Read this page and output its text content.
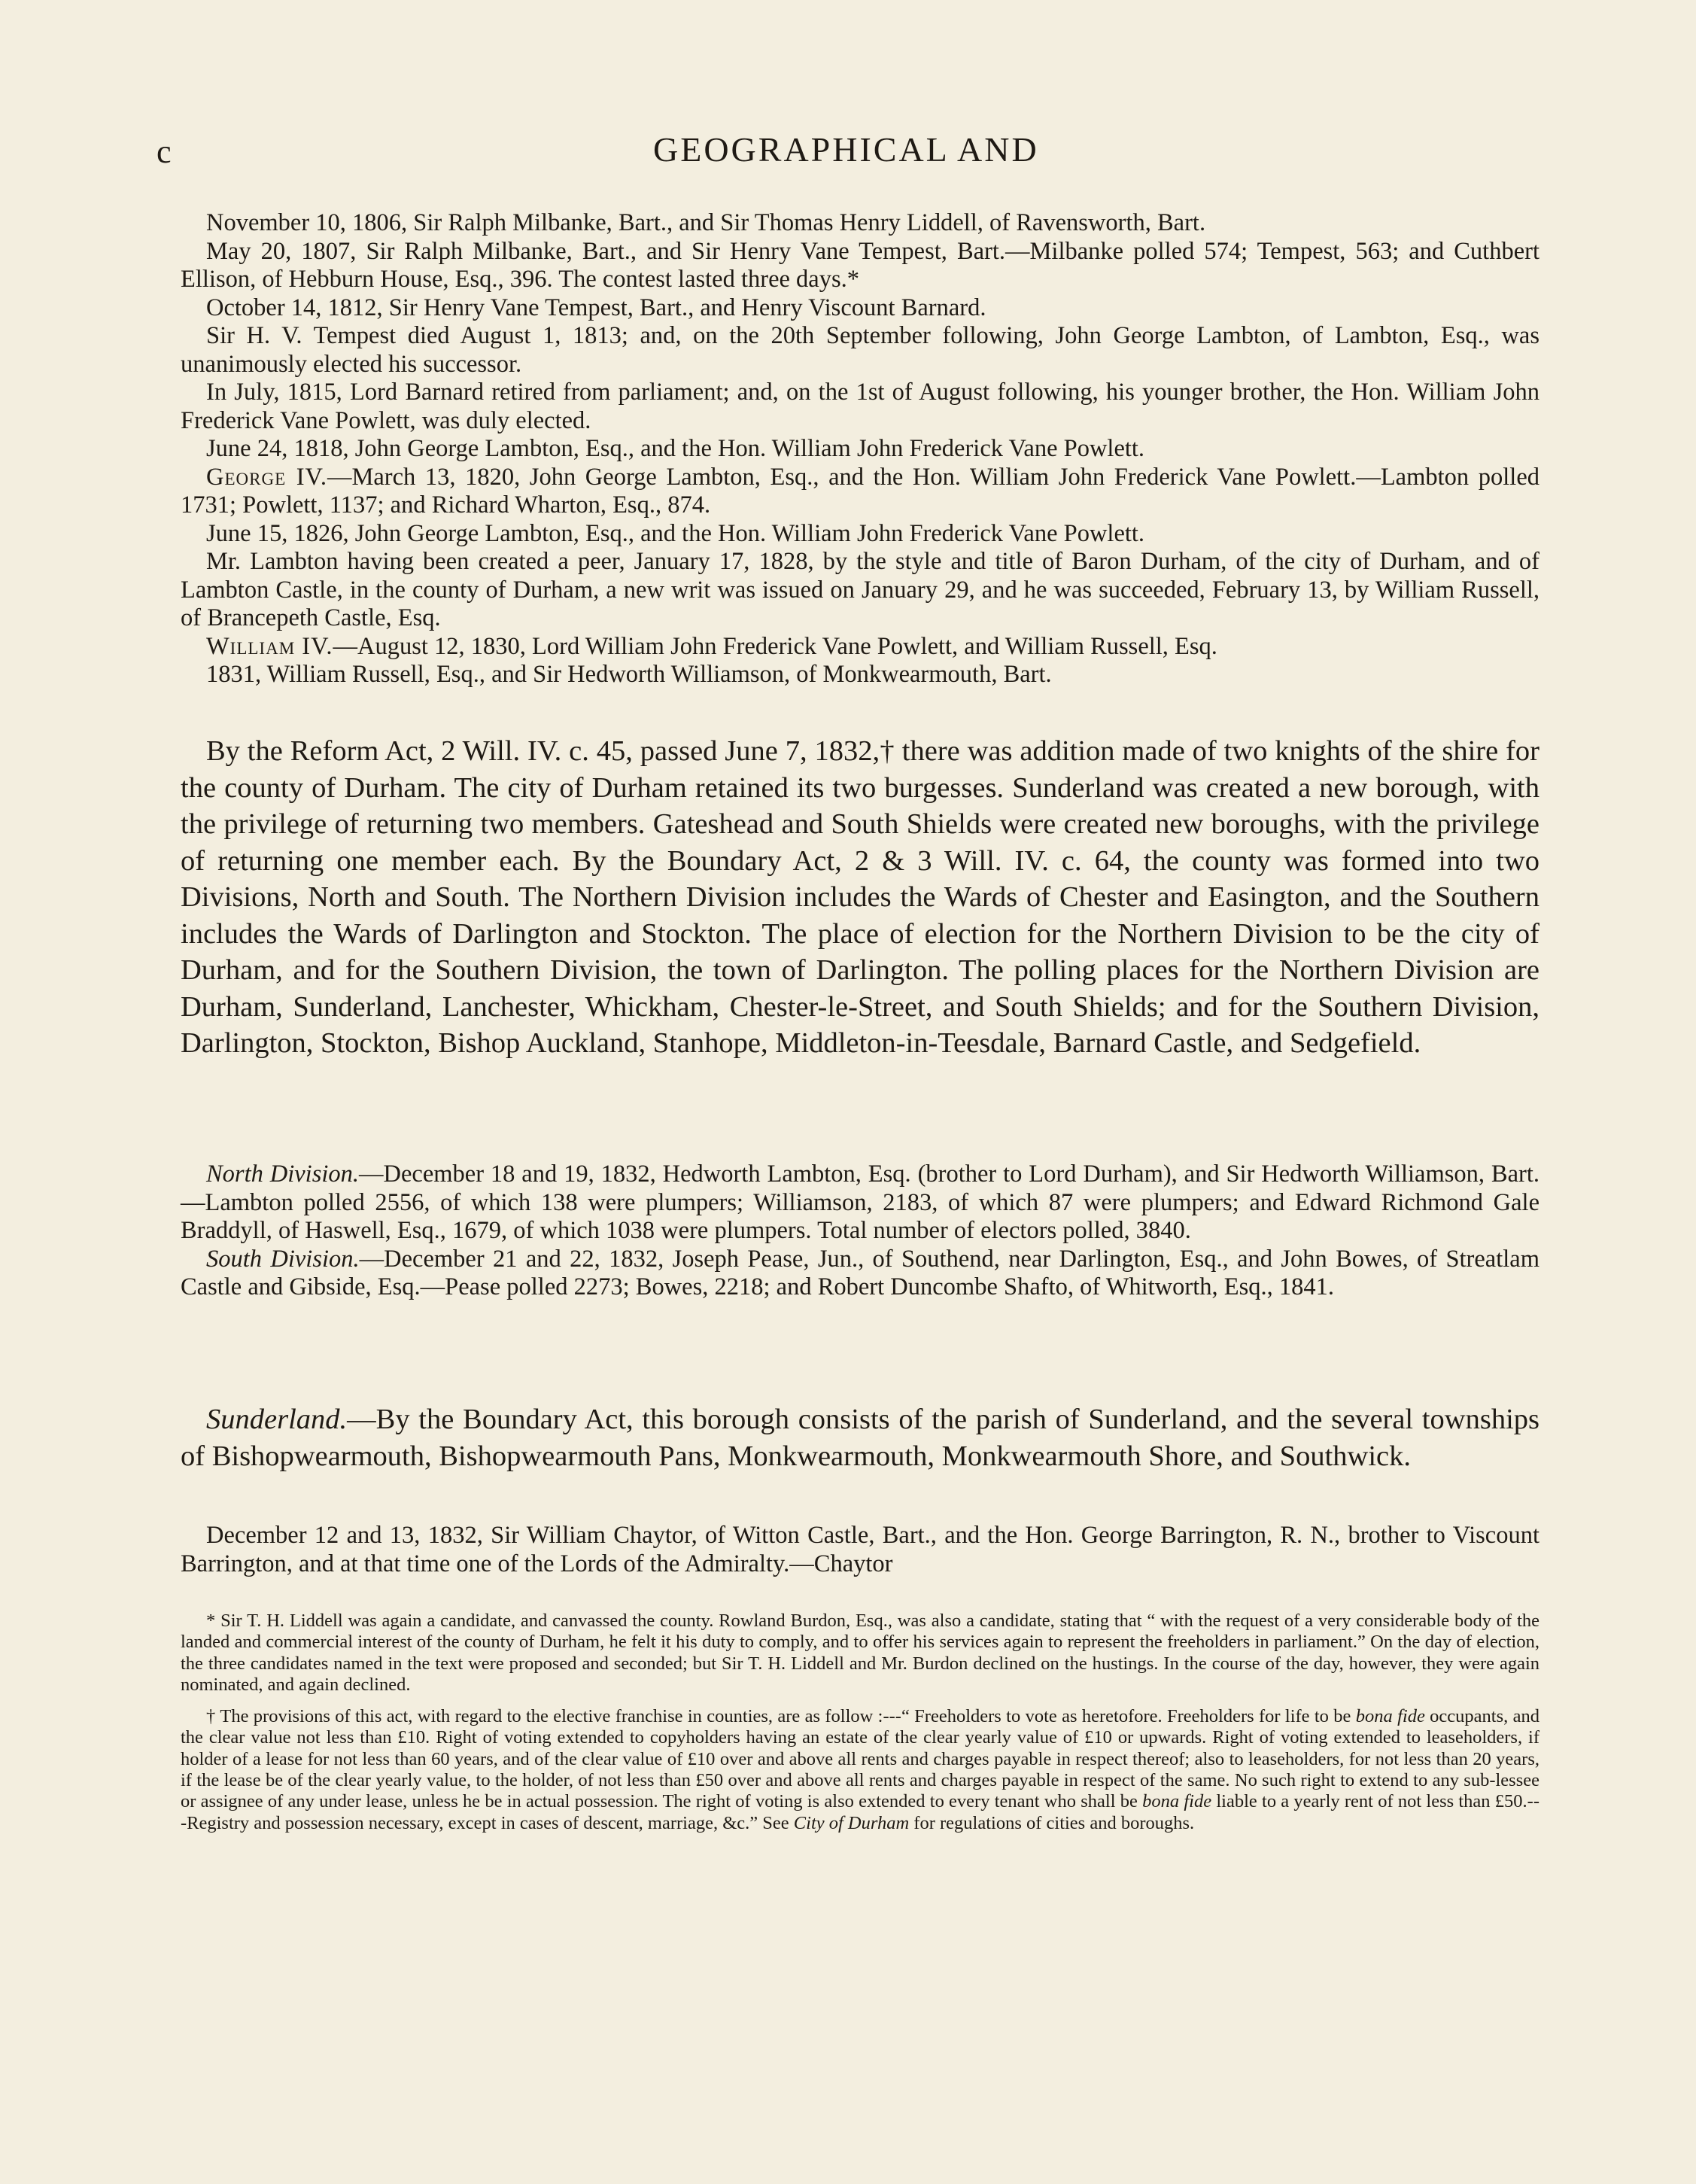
c	GEOGRAPHICAL AND

November 10, 1806, Sir Ralph Milbanke, Bart., and Sir Thomas Henry Liddell, of Ravensworth, Bart.

May 20, 1807, Sir Ralph Milbanke, Bart., and Sir Henry Vane Tempest, Bart.—Milbanke polled 574; Tempest, 563; and Cuthbert Ellison, of Hebburn House, Esq., 396. The contest lasted three days.*

October 14, 1812, Sir Henry Vane Tempest, Bart., and Henry Viscount Barnard.

Sir H. V. Tempest died August 1, 1813; and, on the 20th September following, John George Lambton, of Lambton, Esq., was unanimously elected his successor.

In July, 1815, Lord Barnard retired from parliament; and, on the 1st of August following, his younger brother, the Hon. William John Frederick Vane Powlett, was duly elected.

June 24, 1818, John George Lambton, Esq., and the Hon. William John Frederick Vane Powlett.

George IV.—March 13, 1820, John George Lambton, Esq., and the Hon. William John Frederick Vane Powlett.—Lambton polled 1731; Powlett, 1137; and Richard Wharton, Esq., 874.

June 15, 1826, John George Lambton, Esq., and the Hon. William John Frederick Vane Powlett.

Mr. Lambton having been created a peer, January 17, 1828, by the style and title of Baron Durham, of the city of Durham, and of Lambton Castle, in the county of Durham, a new writ was issued on January 29, and he was succeeded, February 13, by William Russell, of Brancepeth Castle, Esq.

William IV.—August 12, 1830, Lord William John Frederick Vane Powlett, and William Russell, Esq.

1831, William Russell, Esq., and Sir Hedworth Williamson, of Monkwearmouth, Bart.

By the Reform Act, 2 Will. IV. c. 45, passed June 7, 1832,† there was addition made of two knights of the shire for the county of Durham. The city of Durham retained its two burgesses. Sunderland was created a new borough, with the privilege of returning two members. Gateshead and South Shields were created new boroughs, with the privilege of returning one member each. By the Boundary Act, 2 & 3 Will. IV. c. 64, the county was formed into two Divisions, North and South. The Northern Division includes the Wards of Chester and Easington, and the Southern includes the Wards of Darlington and Stockton. The place of election for the Northern Division to be the city of Durham, and for the Southern Division, the town of Darlington. The polling places for the Northern Division are Durham, Sunderland, Lanchester, Whickham, Chester-le-Street, and South Shields; and for the Southern Division, Darlington, Stockton, Bishop Auckland, Stanhope, Middleton-in-Teesdale, Barnard Castle, and Sedgefield.

North Division.—December 18 and 19, 1832, Hedworth Lambton, Esq. (brother to Lord Durham), and Sir Hedworth Williamson, Bart.—Lambton polled 2556, of which 138 were plumpers; Williamson, 2183, of which 87 were plumpers; and Edward Richmond Gale Braddyll, of Haswell, Esq., 1679, of which 1038 were plumpers. Total number of electors polled, 3840.

South Division.—December 21 and 22, 1832, Joseph Pease, Jun., of Southend, near Darlington, Esq., and John Bowes, of Streatlam Castle and Gibside, Esq.—Pease polled 2273; Bowes, 2218; and Robert Duncombe Shafto, of Whitworth, Esq., 1841.

Sunderland.—By the Boundary Act, this borough consists of the parish of Sunderland, and the several townships of Bishopwearmouth, Bishopwearmouth Pans, Monkwearmouth, Monkwearmouth Shore, and Southwick.

December 12 and 13, 1832, Sir William Chaytor, of Witton Castle, Bart., and the Hon. George Barrington, R. N., brother to Viscount Barrington, and at that time one of the Lords of the Admiralty.—Chaytor

* Sir T. H. Liddell was again a candidate, and canvassed the county. Rowland Burdon, Esq., was also a candidate, stating that “ with the request of a very considerable body of the landed and commercial interest of the county of Durham, he felt it his duty to comply, and to offer his services again to represent the freeholders in parliament.” On the day of election, the three candidates named in the text were proposed and seconded; but Sir T. H. Liddell and Mr. Burdon declined on the hustings. In the course of the day, however, they were again nominated, and again declined.

† The provisions of this act, with regard to the elective franchise in counties, are as follow :---“ Freeholders to vote as heretofore. Freeholders for life to be bona fide occupants, and the clear value not less than £10. Right of voting extended to copyholders having an estate of the clear yearly value of £10 or upwards. Right of voting extended to leaseholders, if holder of a lease for not less than 60 years, and of the clear value of £10 over and above all rents and charges payable in respect thereof; also to leaseholders, for not less than 20 years, if the lease be of the clear yearly value, to the holder, of not less than £50 over and above all rents and charges payable in respect of the same. No such right to extend to any sub-lessee or assignee of any under lease, unless he be in actual possession. The right of voting is also extended to every tenant who shall be bona fide liable to a yearly rent of not less than £50.---Registry and possession necessary, except in cases of descent, marriage, &c.” See City of Durham for regulations of cities and boroughs.
